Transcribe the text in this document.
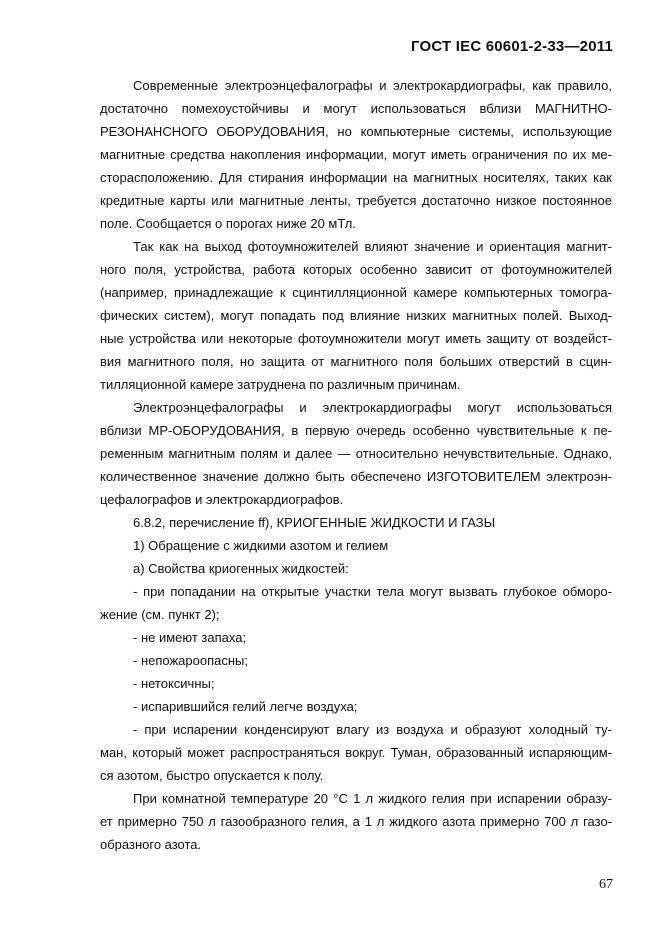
ГОСТ IEC 60601-2-33—2011
Современные электроэнцефалографы и электрокардиографы, как правило,
достаточно помехоустойчивы и могут использоваться вблизи МАГНИТНО-
РЕЗОНАНСНОГО ОБОРУДОВАНИЯ, но компьютерные системы, использующие
магнитные средства накопления информации, могут иметь ограничения по их ме-
сторасположению. Для стирания информации на магнитных носителях, таких как
кредитные карты или магнитные ленты, требуется достаточно низкое постоянное
поле. Сообщается о порогах ниже 20 мТл.
Так как на выход фотоумножителей влияют значение и ориентация магнит-
ного поля, устройства, работа которых особенно зависит от фотоумножителей
(например, принадлежащие к сцинтилляционной камере компьютерных томогра-
фических систем), могут попадать под влияние низких магнитных полей. Выход-
ные устройства или некоторые фотоумножители могут иметь защиту от воздейст-
вия магнитного поля, но защита от магнитного поля больших отверстий в сцин-
тилляционной камере затруднена по различным причинам.
Электроэнцефалографы и электрокардиографы могут использоваться
вблизи МР-ОБОРУДОВАНИЯ, в первую очередь особенно чувствительные к пе-
ременным магнитным полям и далее — относительно нечувствительные. Однако,
количественное значение должно быть обеспечено ИЗГОТОВИТЕЛЕМ электроэн-
цефалографов и электрокардиографов.
6.8.2, перечисление ff), КРИОГЕННЫЕ ЖИДКОСТИ И ГАЗЫ
1) Обращение с жидкими азотом и гелием
a) Свойства криогенных жидкостей:
- при попадании на открытые участки тела могут вызвать глубокое обморо-
жение (см. пункт 2);
- не имеют запаха;
- непожароопасны;
- нетоксичны;
- испарившийся гелий легче воздуха;
- при испарении конденсируют влагу из воздуха и образуют холодный ту-
ман, который может распространяться вокруг. Туман, образованный испаряющим-
ся азотом, быстро опускается к полу.
При комнатной температуре 20 °С 1 л жидкого гелия при испарении образу-
ет примерно 750 л газообразного гелия, а 1 л жидкого азота примерно 700 л газо-
образного азота.
67
